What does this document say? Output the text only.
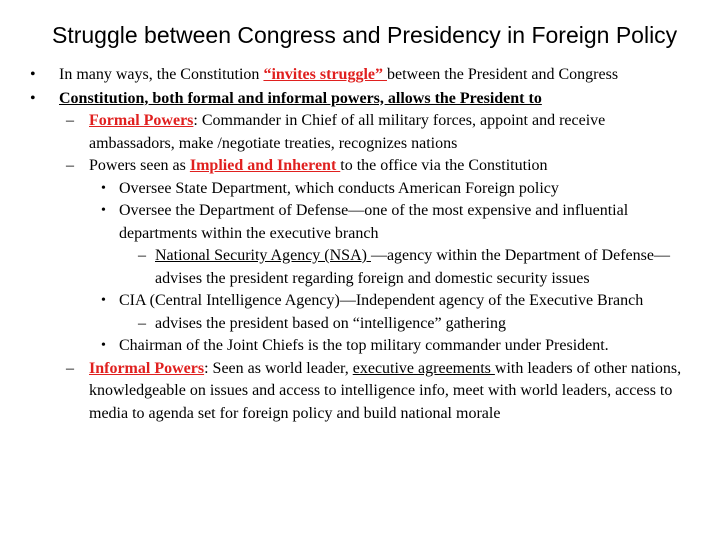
Struggle between Congress and Presidency in Foreign Policy
• In many ways, the Constitution “invites struggle” between the President and Congress
• Constitution, both formal and informal powers, allows the President to
– Formal Powers: Commander in Chief of all military forces, appoint and receive ambassadors, make /negotiate treaties, recognizes nations
– Powers seen as Implied and Inherent to the office via the Constitution
• Oversee State Department, which conducts American Foreign policy
• Oversee the Department of Defense—one of the most expensive and influential departments within the executive branch
– National Security Agency (NSA) —agency within the Department of Defense—advises the president regarding foreign and domestic security issues
• CIA (Central Intelligence Agency)—Independent agency of the Executive Branch
– advises the president based on “intelligence” gathering
• Chairman of the Joint Chiefs is the top military commander under President.
– Informal Powers: Seen as world leader, executive agreements with leaders of other nations, knowledgeable on issues and access to intelligence info, meet with world leaders, access to media to agenda set for foreign policy and build national morale
